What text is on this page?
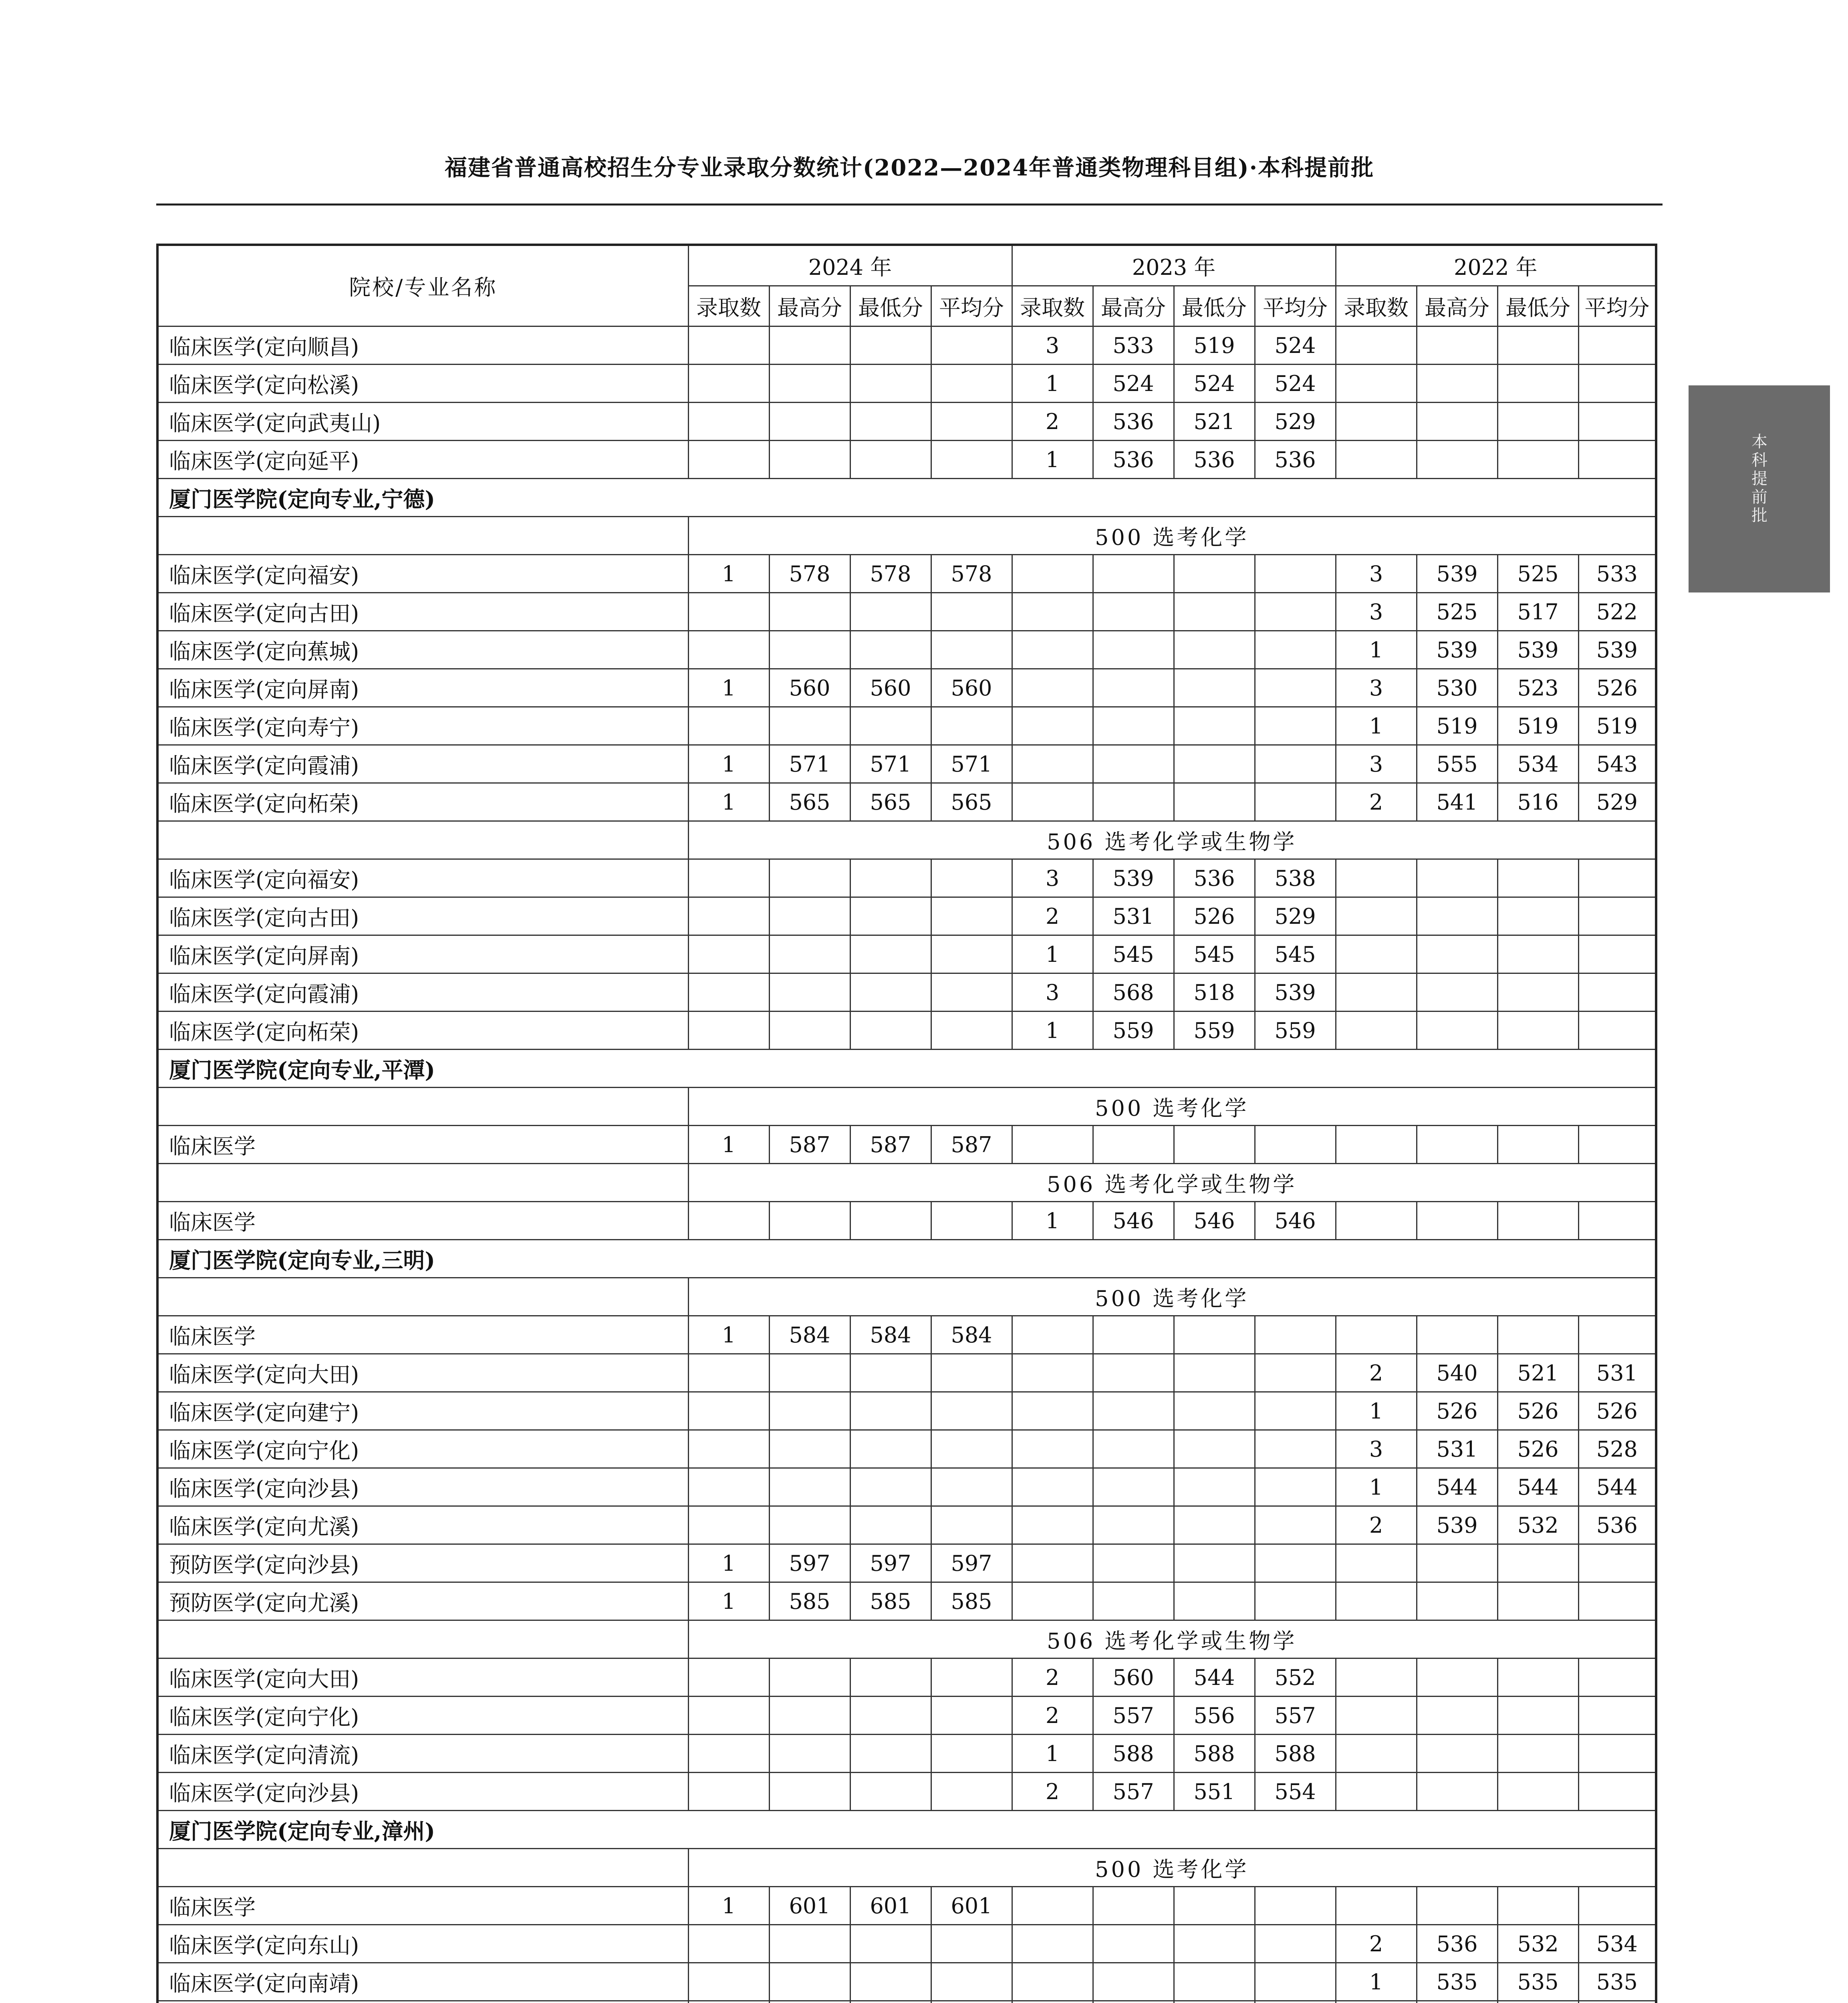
福建省普通高校招生分专业录取分数统计(2022—2024年普通类物理科目组)·本科提前批
本科提前批
院校/专业名称	2024 年				2023 年				2022 年			
	录取数	最高分	最低分	平均分	录取数	最高分	最低分	平均分	录取数	最高分	最低分	平均分
临床医学(定向顺昌)					3	533	519	524				
临床医学(定向松溪)					1	524	524	524				
临床医学(定向武夷山)					2	536	521	529				
临床医学(定向延平)					1	536	536	536				
厦门医学院(定向专业,宁德)												
	500 选考化学											
临床医学(定向福安)	1	578	578	578					3	539	525	533
临床医学(定向古田)									3	525	517	522
临床医学(定向蕉城)									1	539	539	539
临床医学(定向屏南)	1	560	560	560					3	530	523	526
临床医学(定向寿宁)									1	519	519	519
临床医学(定向霞浦)	1	571	571	571					3	555	534	543
临床医学(定向柘荣)	1	565	565	565					2	541	516	529
	506 选考化学或生物学											
临床医学(定向福安)					3	539	536	538				
临床医学(定向古田)					2	531	526	529				
临床医学(定向屏南)					1	545	545	545				
临床医学(定向霞浦)					3	568	518	539				
临床医学(定向柘荣)					1	559	559	559				
厦门医学院(定向专业,平潭)												
	500 选考化学											
临床医学	1	587	587	587								
	506 选考化学或生物学											
临床医学					1	546	546	546				
厦门医学院(定向专业,三明)												
	500 选考化学											
临床医学	1	584	584	584								
临床医学(定向大田)									2	540	521	531
临床医学(定向建宁)									1	526	526	526
临床医学(定向宁化)									3	531	526	528
临床医学(定向沙县)									1	544	544	544
临床医学(定向尤溪)									2	539	532	536
预防医学(定向沙县)	1	597	597	597								
预防医学(定向尤溪)	1	585	585	585								
	506 选考化学或生物学											
临床医学(定向大田)					2	560	544	552				
临床医学(定向宁化)					2	557	556	557				
临床医学(定向清流)					1	588	588	588				
临床医学(定向沙县)					2	557	551	554				
厦门医学院(定向专业,漳州)												
	500 选考化学											
临床医学	1	601	601	601								
临床医学(定向东山)									2	536	532	534
临床医学(定向南靖)									1	535	535	535
